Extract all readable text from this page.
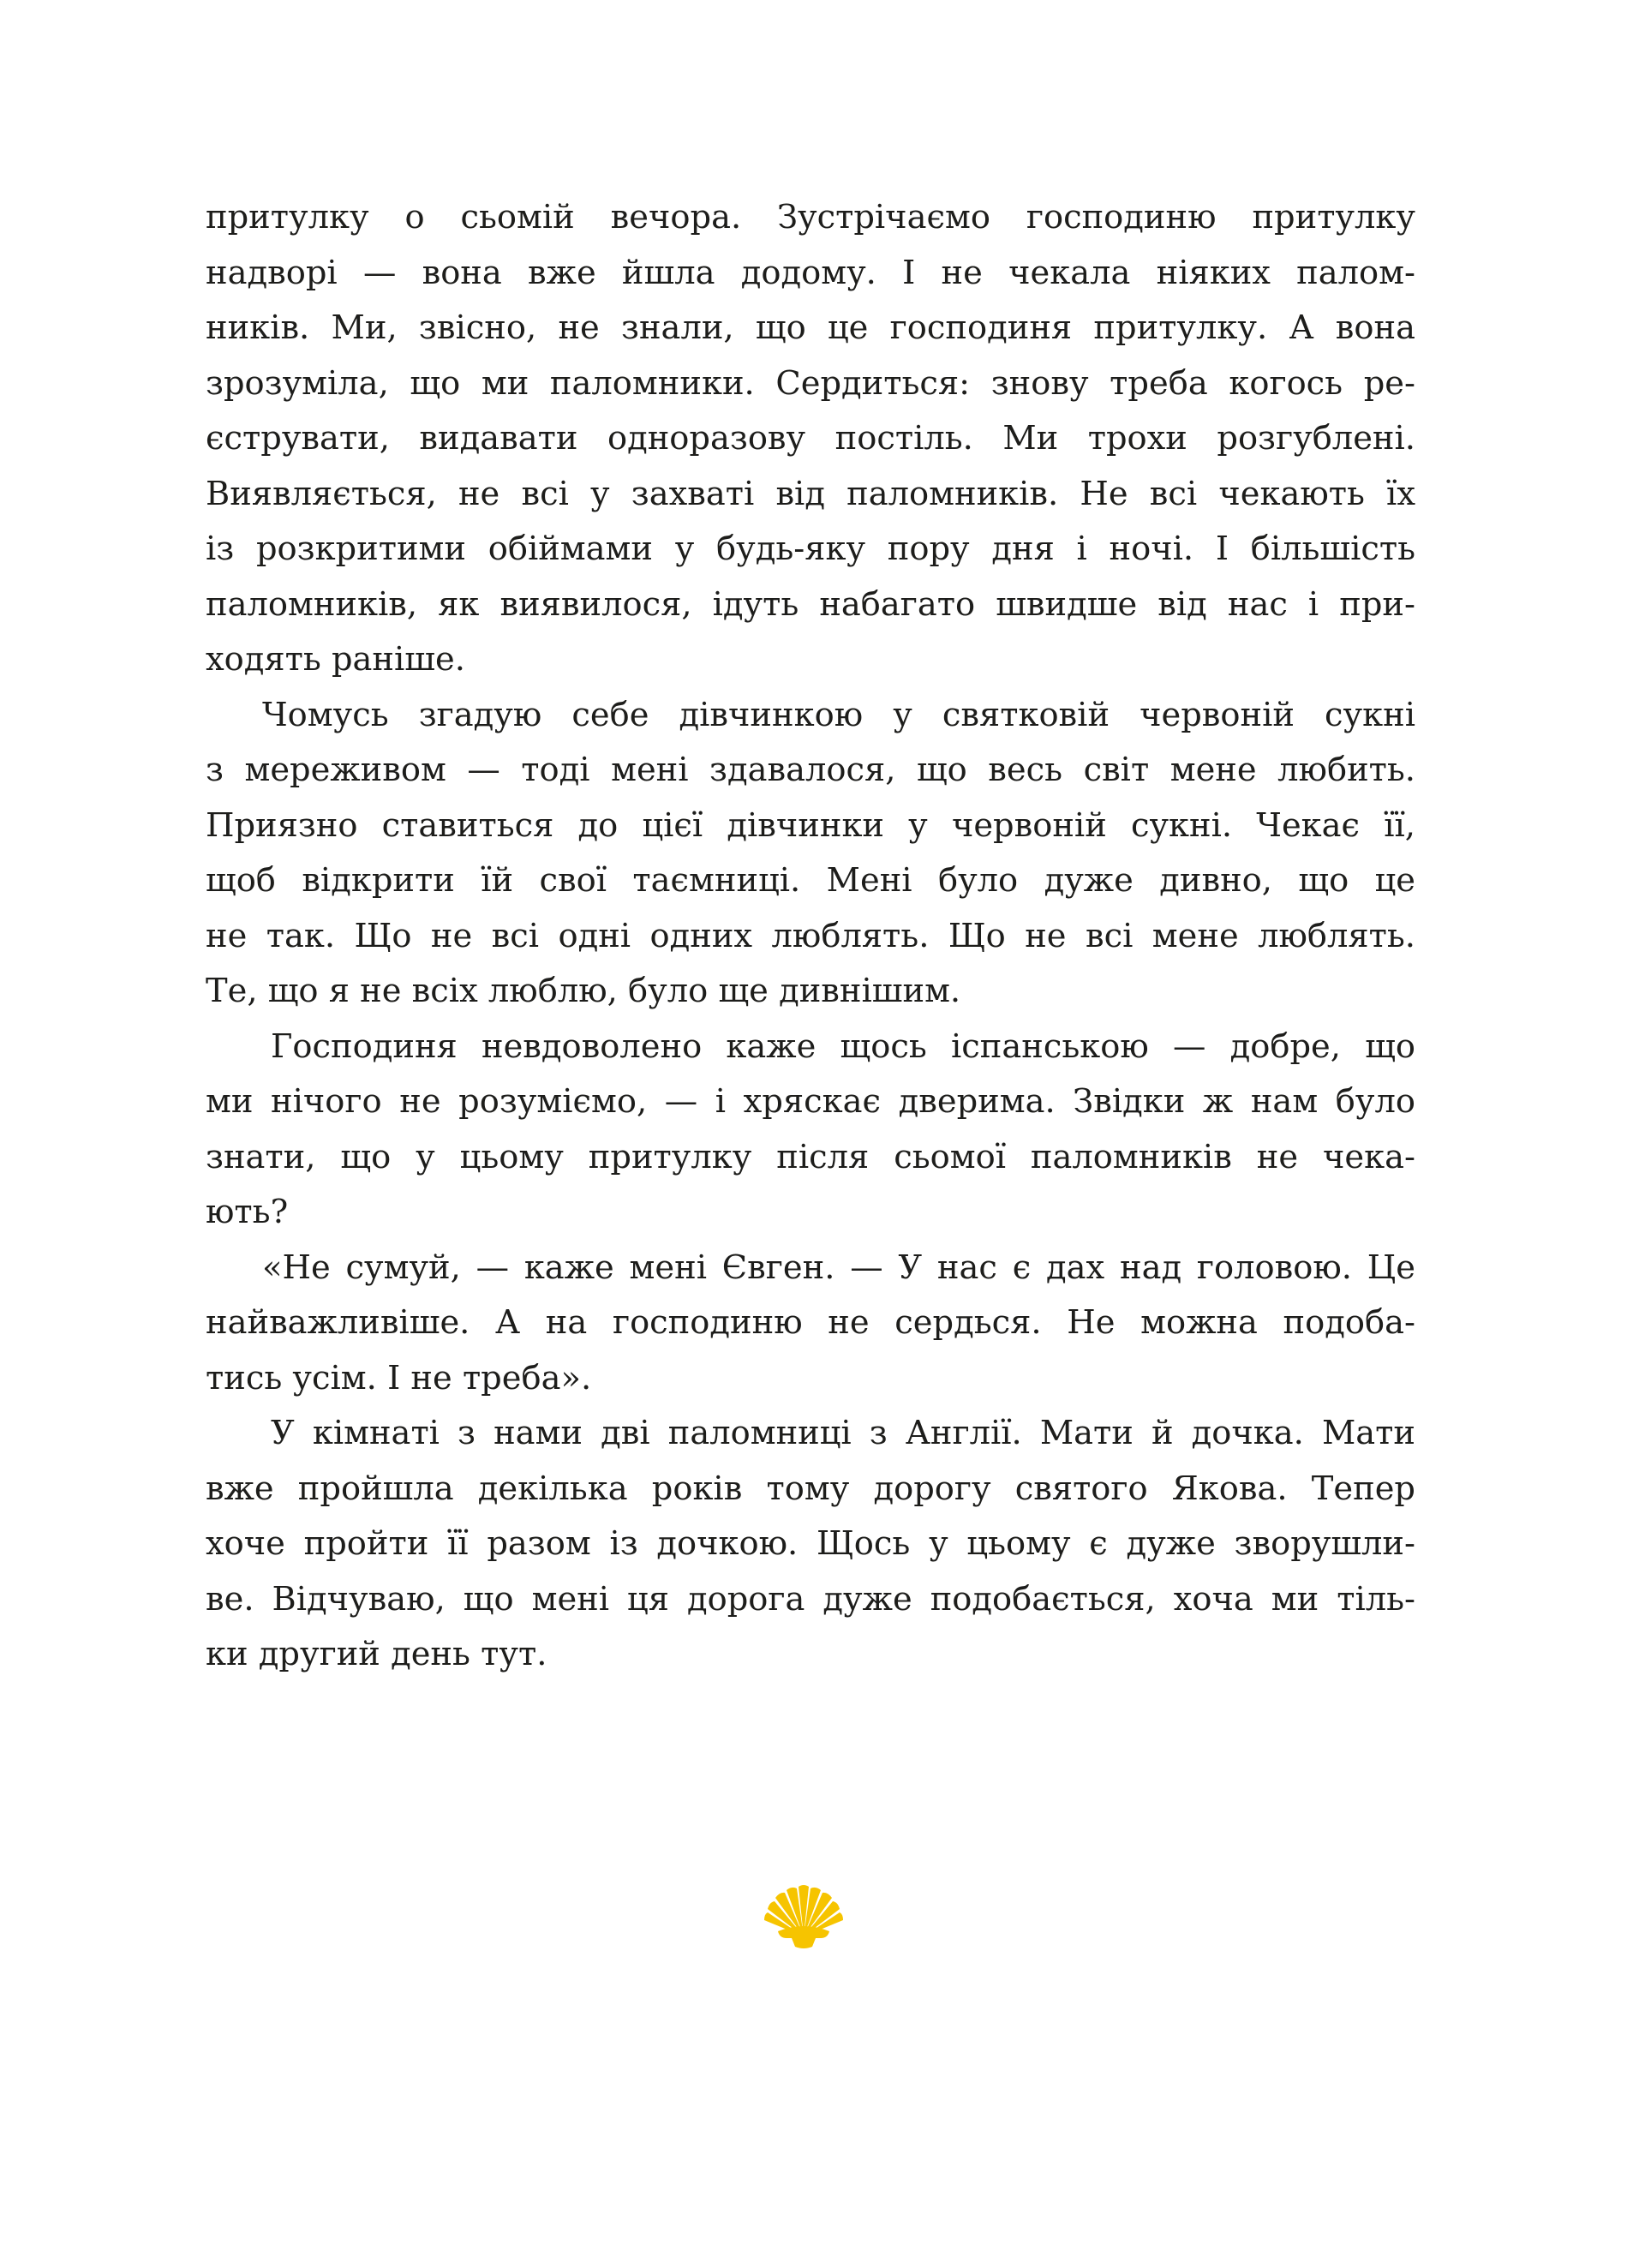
притулку о сьомій вечора. Зустрічаємо господиню притулку
надворі — вона вже йшла додому. І не чекала ніяких палом-
ників. Ми, звісно, не знали, що це господиня притулку. А вона
зрозуміла, що ми паломники. Сердиться: знову треба когось ре-
єструвати, видавати одноразову постіль. Ми трохи розгублені.
Виявляється, не всі у захваті від паломників. Не всі чекають їх
із розкритими обіймами у будь-яку пору дня і ночі. І більшість
паломників, як виявилося, ідуть набагато швидше від нас і при-
ходять раніше.
Чомусь згадую себе дівчинкою у святковій червоній сукні
з мереживом — тоді мені здавалося, що весь світ мене любить.
Приязно ставиться до цієї дівчинки у червоній сукні. Чекає її,
щоб відкрити їй свої таємниці. Мені було дуже дивно, що це
не так. Що не всі одні одних люблять. Що не всі мене люблять.
Те, що я не всіх люблю, було ще дивнішим.
Господиня невдоволено каже щось іспанською — добре, що
ми нічого не розуміємо, — і хряскає дверима. Звідки ж нам було
знати, що у цьому притулку після сьомої паломників не чека-
ють?
«Не сумуй, — каже мені Євген. — У нас є дах над головою. Це
найважливіше. А на господиню не сердься. Не можна подоба-
тись усім. І не треба».
У кімнаті з нами дві паломниці з Англії. Мати й дочка. Мати
вже пройшла декілька років тому дорогу святого Якова. Тепер
хоче пройти її разом із дочкою. Щось у цьому є дуже зворушли-
ве. Відчуваю, що мені ця дорога дуже подобається, хоча ми тіль-
ки другий день тут.
